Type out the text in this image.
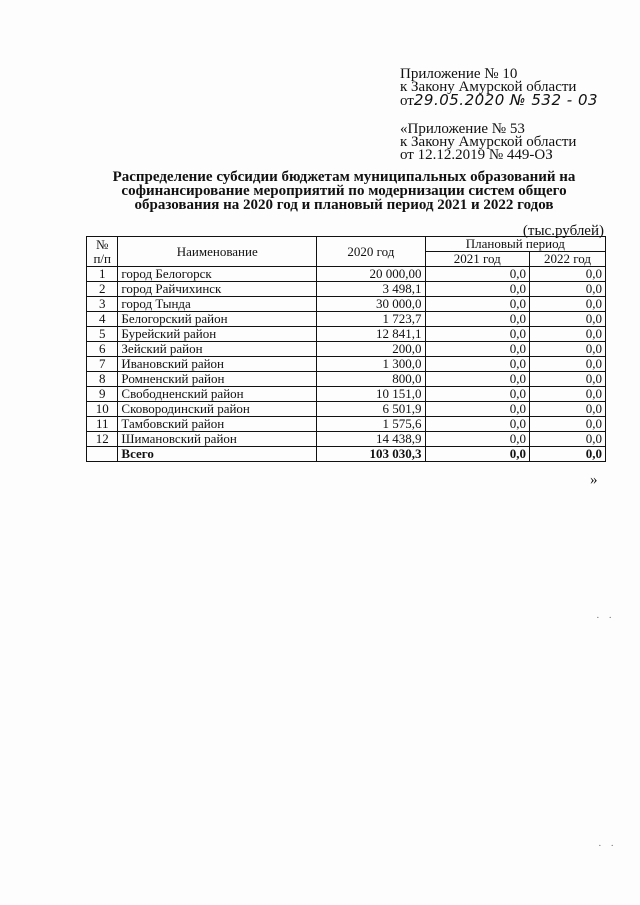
Приложение № 10
к Закону Амурской области
от29.05.2020 № 532 - 03
«Приложение № 53
к Закону Амурской области
от 12.12.2019 № 449-ОЗ
Распределение субсидии бюджетам муниципальных образований на
софинансирование мероприятий по модернизации систем общего
образования на 2020 год и плановый период 2021 и 2022 годов
(тыс.рублей)
№
п/п	Наименование	2020 год	Плановый период	
			2021 год	2022 год
1	город Белогорск	20 000,00	0,0	0,0
2	город Райчихинск	3 498,1	0,0	0,0
3	город Тында	30 000,0	0,0	0,0
4	Белогорский район	1 723,7	0,0	0,0
5	Бурейский район	12 841,1	0,0	0,0
6	Зейский район	200,0	0,0	0,0
7	Ивановский район	1 300,0	0,0	0,0
8	Ромненский район	800,0	0,0	0,0
9	Свободненский район	10 151,0	0,0	0,0
10	Сковородинский район	6 501,9	0,0	0,0
11	Тамбовский район	1 575,6	0,0	0,0
12	Шимановский район	14 438,9	0,0	0,0
	Всего	103 030,3	0,0	0,0
»
· ·
· ·
